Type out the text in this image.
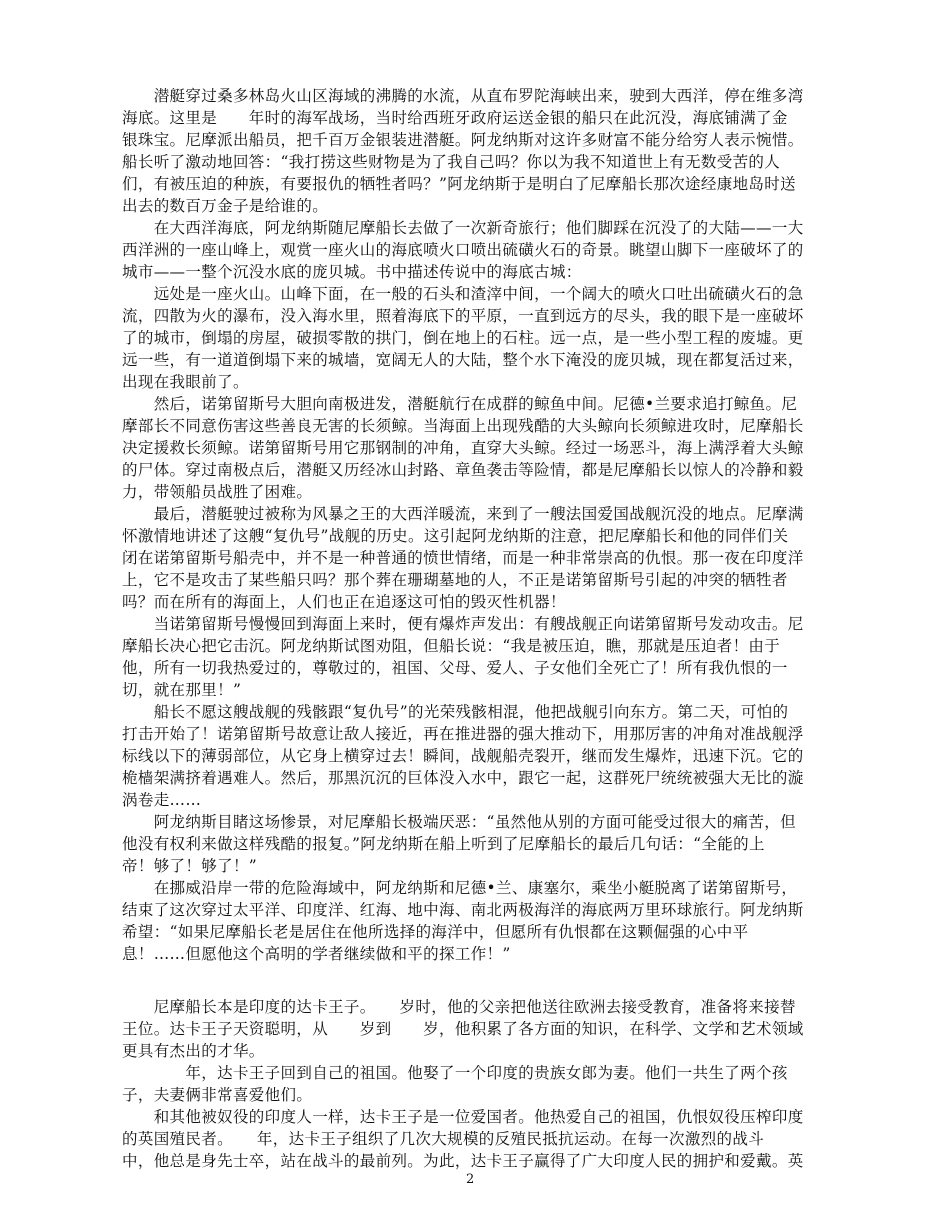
　　潜艇穿过桑多林岛火山区海域的沸腾的水流，从直布罗陀海峡出来，驶到大西洋，停在维多湾
海底。这里是　　年时的海军战场，当时给西班牙政府运送金银的船只在此沉没，海底铺满了金
银珠宝。尼摩派出船员，把千百万金银装进潜艇。阿龙纳斯对这许多财富不能分给穷人表示惋惜。
船长听了激动地回答：“我打捞这些财物是为了我自己吗？你以为我不知道世上有无数受苦的人
们，有被压迫的种族，有要报仇的牺牲者吗？”阿龙纳斯于是明白了尼摩船长那次途经康地岛时送
出去的数百万金子是给谁的。
　　在大西洋海底，阿龙纳斯随尼摩船长去做了一次新奇旅行；他们脚踩在沉没了的大陆——一大
西洋洲的一座山峰上，观赏一座火山的海底喷火口喷出硫磺火石的奇景。眺望山脚下一座破坏了的
城市——一整个沉没水底的庞贝城。书中描述传说中的海底古城：
　　远处是一座火山。山峰下面，在一般的石头和渣滓中间，一个阔大的喷火口吐出硫磺火石的急
流，四散为火的瀑布，没入海水里，照着海底下的平原，一直到远方的尽头，我的眼下是一座破坏
了的城市，倒塌的房屋，破损零散的拱门，倒在地上的石柱。远一点，是一些小型工程的废墟。更
远一些，有一道道倒塌下来的城墙，宽阔无人的大陆，整个水下淹没的庞贝城，现在都复活过来，
出现在我眼前了。
　　然后，诺第留斯号大胆向南极进发，潜艇航行在成群的鲸鱼中间。尼德•兰要求追打鲸鱼。尼
摩部长不同意伤害这些善良无害的长须鲸。当海面上出现残酷的大头鲸向长须鲸进攻时，尼摩船长
决定援救长须鲸。诺第留斯号用它那钢制的冲角，直穿大头鲸。经过一场恶斗，海上满浮着大头鲸
的尸体。穿过南极点后，潜艇又历经冰山封路、章鱼袭击等险情，都是尼摩船长以惊人的冷静和毅
力，带领船员战胜了困难。
　　最后，潜艇驶过被称为风暴之王的大西洋暖流，来到了一艘法国爱国战舰沉没的地点。尼摩满
怀激情地讲述了这艘“复仇号”战舰的历史。这引起阿龙纳斯的注意，把尼摩船长和他的同伴们关
闭在诺第留斯号船壳中，并不是一种普通的愤世情绪，而是一种非常崇高的仇恨。那一夜在印度洋
上，它不是攻击了某些船只吗？那个葬在珊瑚墓地的人，不正是诺第留斯号引起的冲突的牺牲者
吗？而在所有的海面上，人们也正在追逐这可怕的毁灭性机器！
　　当诺第留斯号慢慢回到海面上来时，便有爆炸声发出：有艘战舰正向诺第留斯号发动攻击。尼
摩船长决心把它击沉。阿龙纳斯试图劝阻，但船长说：“我是被压迫，瞧，那就是压迫者！由于
他，所有一切我热爱过的，尊敬过的，祖国、父母、爱人、子女他们全死亡了！所有我仇恨的一
切，就在那里！”
　　船长不愿这艘战舰的残骸跟“复仇号”的光荣残骸相混，他把战舰引向东方。第二天，可怕的
打击开始了！诺第留斯号故意让敌人接近，再在推进器的强大推动下，用那厉害的冲角对准战舰浮
标线以下的薄弱部位，从它身上横穿过去！瞬间，战舰船壳裂开，继而发生爆炸，迅速下沉。它的
桅樯架满挤着遇难人。然后，那黑沉沉的巨体没入水中，跟它一起，这群死尸统统被强大无比的漩
涡卷走……
　　阿龙纳斯目睹这场惨景，对尼摩船长极端厌恶：“虽然他从别的方面可能受过很大的痛苦，但
他没有权利来做这样残酷的报复。”阿龙纳斯在船上听到了尼摩船长的最后几句话：“全能的上
帝！够了！够了！”
　　在挪威沿岸一带的危险海域中，阿龙纳斯和尼德•兰、康塞尔，乘坐小艇脱离了诺第留斯号，
结束了这次穿过太平洋、印度洋、红海、地中海、南北两极海洋的海底两万里环球旅行。阿龙纳斯
希望：“如果尼摩船长老是居住在他所选择的海洋中，但愿所有仇恨都在这颗倔强的心中平
息！……但愿他这个高明的学者继续做和平的探工作！”
　　尼摩船长本是印度的达卡王子。　　岁时，他的父亲把他送往欧洲去接受教育，准备将来接替
王位。达卡王子天资聪明，从　　岁到　　岁，他积累了各方面的知识，在科学、文学和艺术领域
更具有杰出的才华。
　　　　年，达卡王子回到自己的祖国。他娶了一个印度的贵族女郎为妻。他们一共生了两个孩
子，夫妻俩非常喜爱他们。
　　和其他被奴役的印度人一样，达卡王子是一位爱国者。他热爱自己的祖国，仇恨奴役压榨印度
的英国殖民者。　　年，达卡王子组织了几次大规模的反殖民抵抗运动。在每一次激烈的战斗
中，他总是身先士卒，站在战斗的最前列。为此，达卡王子赢得了广大印度人民的拥护和爱戴。英
2
